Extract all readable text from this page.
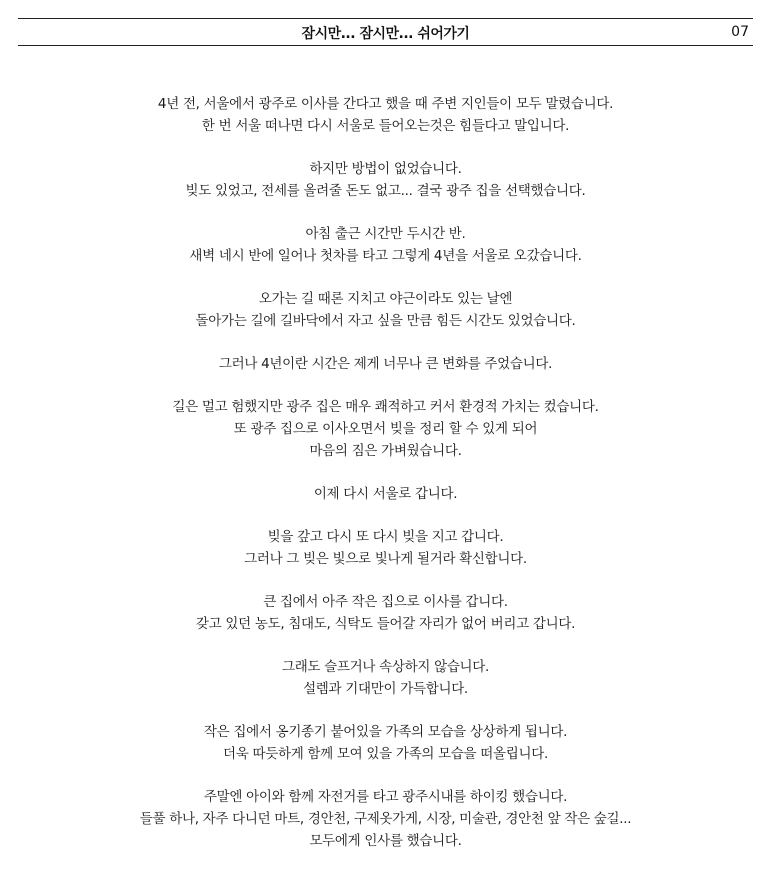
잠시만... 잠시만... 쉬어가기	07
4년 전, 서울에서 광주로 이사를 간다고 했을 때 주변 지인들이 모두 말렸습니다.
한 번 서울 떠나면 다시 서울로 들어오는것은 힘들다고 말입니다.
하지만 방법이 없었습니다.
빚도 있었고, 전세를 올려줄 돈도 없고... 결국 광주 집을 선택했습니다.
아침 출근 시간만 두시간 반.
새벽 네시 반에 일어나 첫차를 타고 그렇게 4년을 서울로 오갔습니다.
오가는 길 때론 지치고 야근이라도 있는 날엔
돌아가는 길에 길바닥에서 자고 싶을 만큼 힘든 시간도 있었습니다.
그러나 4년이란 시간은 제게 너무나 큰 변화를 주었습니다.
길은 멀고 험했지만 광주 집은 매우 쾌적하고 커서 환경적 가치는 컸습니다.
또 광주 집으로 이사오면서 빚을 정리 할 수 있게 되어
마음의 짐은 가벼웠습니다.
이제 다시 서울로 갑니다.
빚을 갚고 다시 또 다시 빚을 지고 갑니다.
그러나 그 빚은 빛으로 빛나게 될거라 확신합니다.
큰 집에서 아주 작은 집으로 이사를 갑니다.
갖고 있던 농도, 침대도, 식탁도 들어갈 자리가 없어 버리고 갑니다.
그래도 슬프거나 속상하지 않습니다.
설렘과 기대만이 가득합니다.
작은 집에서 옹기종기 붙어있을 가족의 모습을 상상하게 됩니다.
더욱 따듯하게 함께 모여 있을 가족의 모습을 떠올립니다.
주말엔 아이와 함께 자전거를 타고 광주시내를 하이킹 했습니다.
들풀 하나, 자주 다니던 마트, 경안천, 구제옷가게, 시장, 미술관, 경안천 앞 작은 숲길...
모두에게 인사를 했습니다.
